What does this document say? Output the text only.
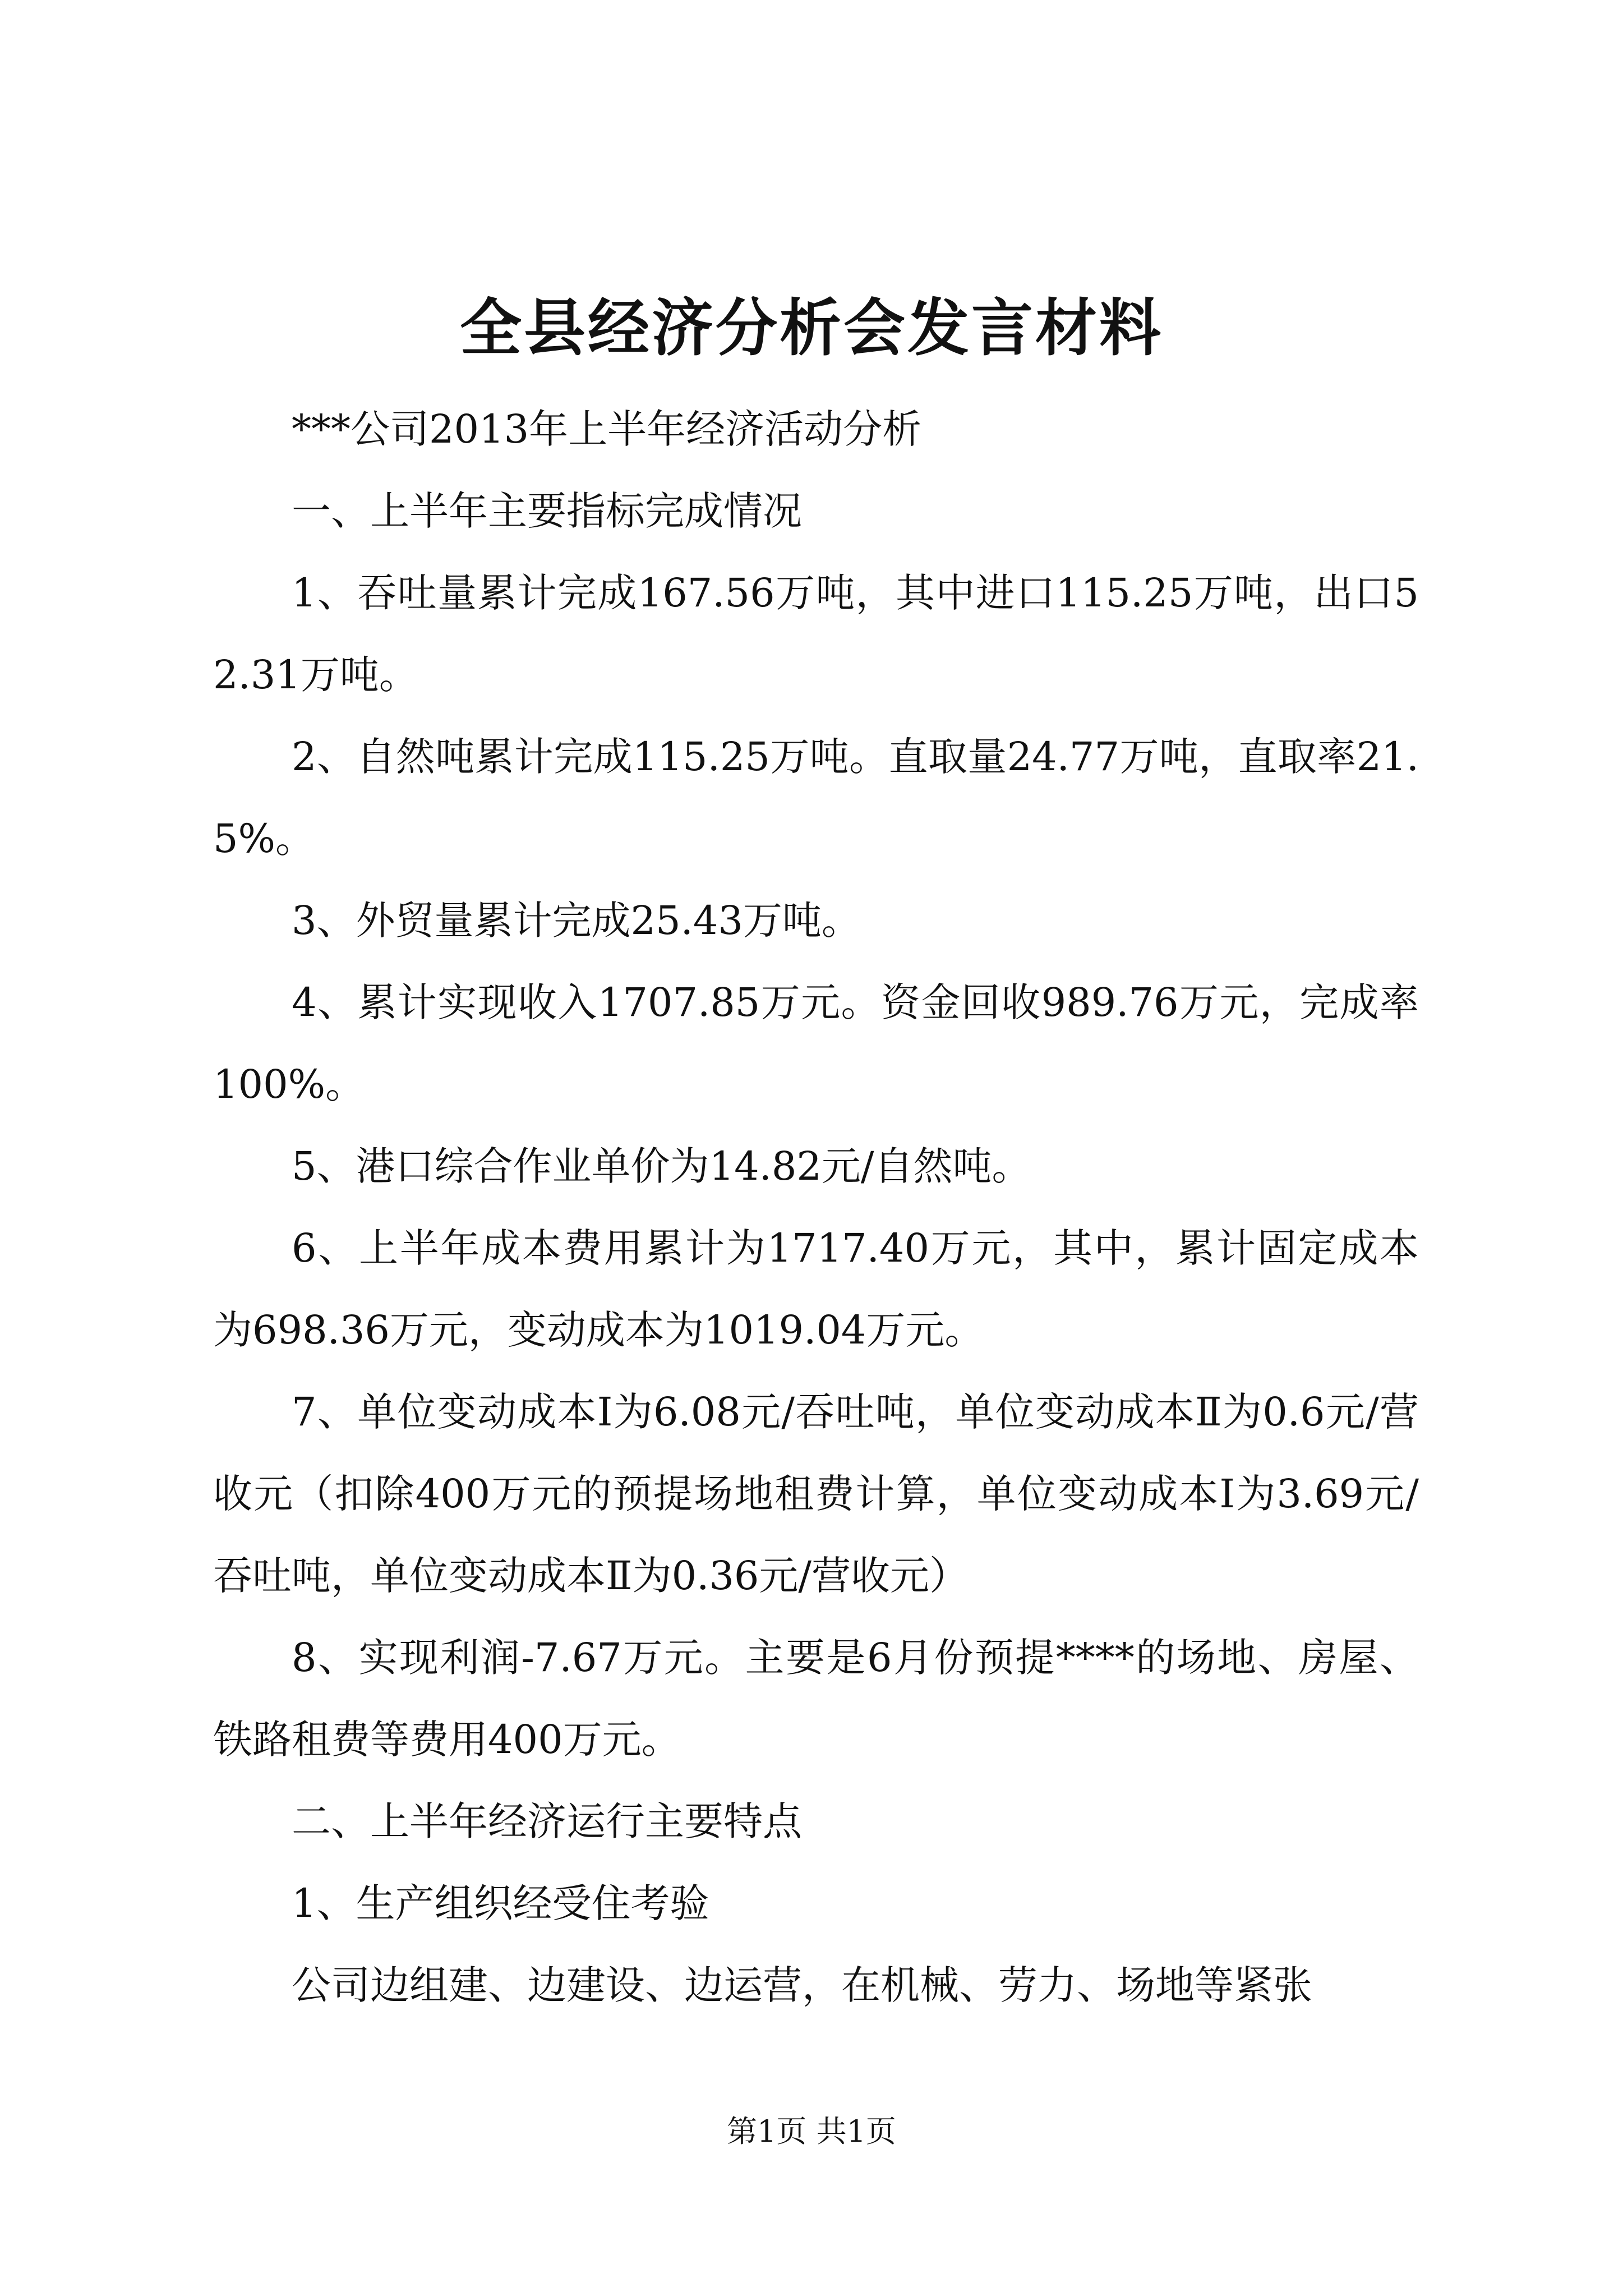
全县经济分析会发言材料

***公司2013年上半年经济活动分析

一、上半年主要指标完成情况

1、吞吐量累计完成167.56万吨，其中进口115.25万吨，出口52.31万吨。

2、自然吨累计完成115.25万吨。直取量24.77万吨，直取率21.5%。

3、外贸量累计完成25.43万吨。

4、累计实现收入1707.85万元。资金回收989.76万元，完成率100%。

5、港口综合作业单价为14.82元/自然吨。

6、上半年成本费用累计为1717.40万元，其中，累计固定成本为698.36万元，变动成本为1019.04万元。

7、单位变动成本Ⅰ为6.08元/吞吐吨，单位变动成本Ⅱ为0.6元/营收元（扣除400万元的预提场地租费计算，单位变动成本Ⅰ为3.69元/吞吐吨，单位变动成本Ⅱ为0.36元/营收元）

8、实现利润-7.67万元。主要是6月份预提****的场地、房屋、铁路租费等费用400万元。

二、上半年经济运行主要特点

1、生产组织经受住考验

公司边组建、边建设、边运营，在机械、劳力、场地等紧张

第1页 共1页
